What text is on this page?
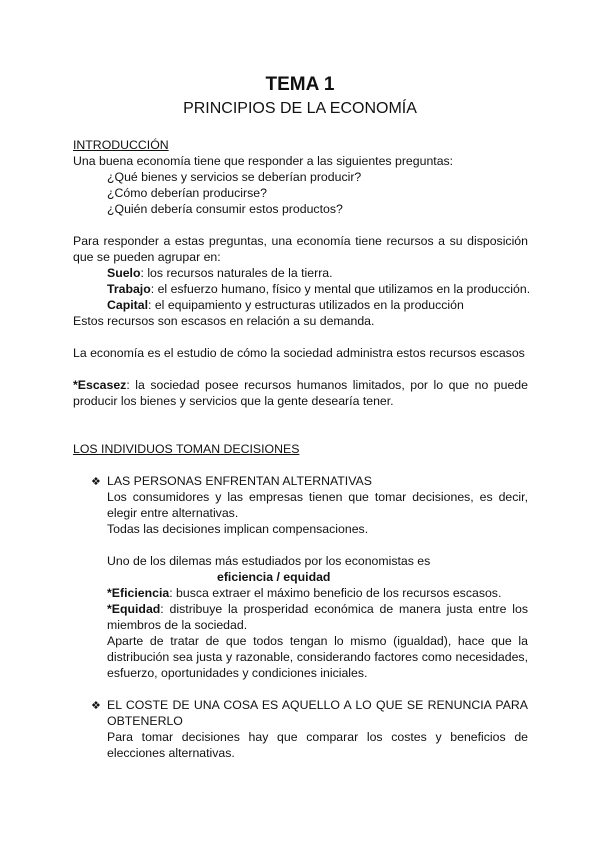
TEMA 1
PRINCIPIOS DE LA ECONOMÍA
INTRODUCCIÓN
Una buena economía tiene que responder a las siguientes preguntas:
¿Qué bienes y servicios se deberían producir?
¿Cómo deberían producirse?
¿Quién debería consumir estos productos?
Para responder a estas preguntas, una economía tiene recursos a su disposición
que se pueden agrupar en:
Suelo: los recursos naturales de la tierra.
Trabajo: el esfuerzo humano, físico y mental que utilizamos en la producción.
Capital: el equipamiento y estructuras utilizados en la producción
Estos recursos son escasos en relación a su demanda.
La economía es el estudio de cómo la sociedad administra estos recursos escasos
*Escasez: la sociedad posee recursos humanos limitados, por lo que no puede
producir los bienes y servicios que la gente desearía tener.
LOS INDIVIDUOS TOMAN DECISIONES
❖ LAS PERSONAS ENFRENTAN ALTERNATIVAS
Los consumidores y las empresas tienen que tomar decisiones, es decir,
elegir entre alternativas.
Todas las decisiones implican compensaciones.
Uno de los dilemas más estudiados por los economistas es
eficiencia / equidad
*Eficiencia: busca extraer el máximo beneficio de los recursos escasos.
*Equidad: distribuye la prosperidad económica de manera justa entre los
miembros de la sociedad.
Aparte de tratar de que todos tengan lo mismo (igualdad), hace que la
distribución sea justa y razonable, considerando factores como necesidades,
esfuerzo, oportunidades y condiciones iniciales.
❖ EL COSTE DE UNA COSA ES AQUELLO A LO QUE SE RENUNCIA PARA
OBTENERLO
Para tomar decisiones hay que comparar los costes y beneficios de
elecciones alternativas.
